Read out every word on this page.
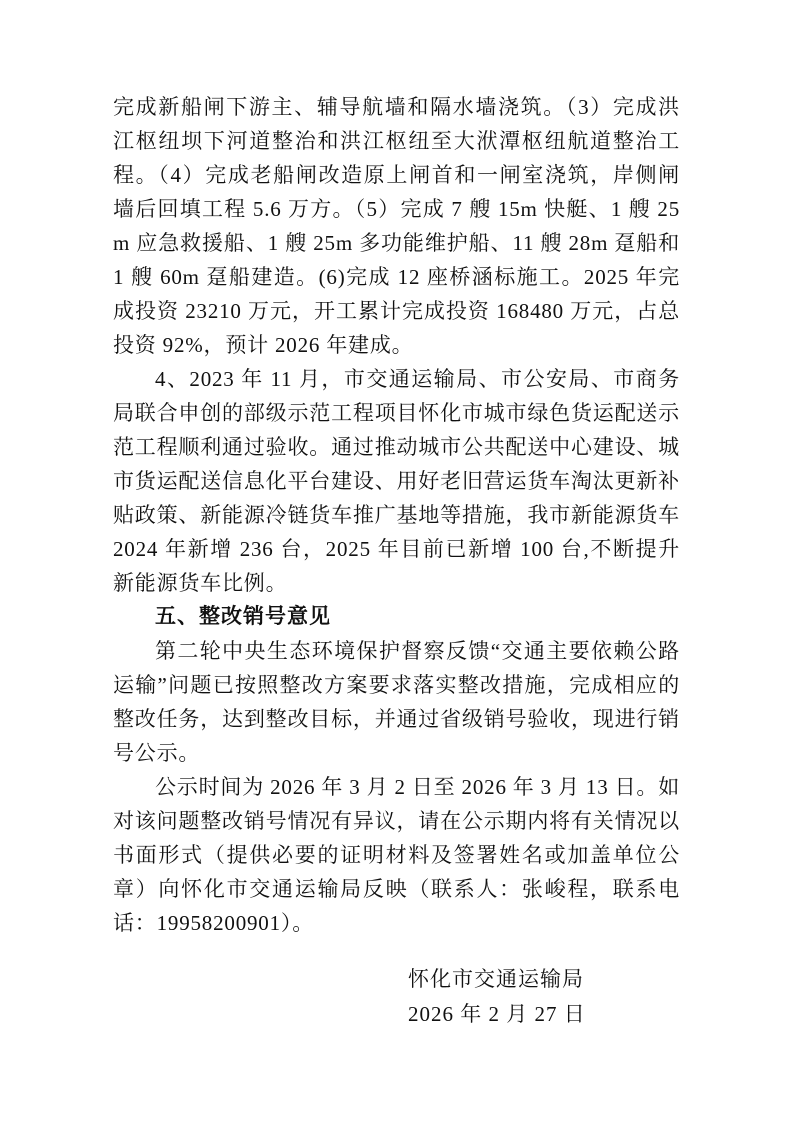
完成新船闸下游主、辅导航墙和隔水墙浇筑。（3）完成洪江枢纽坝下河道整治和洪江枢纽至大洑潭枢纽航道整治工程。（4）完成老船闸改造原上闸首和一闸室浇筑，岸侧闸墙后回填工程 5.6 万方。（5）完成 7 艘 15m 快艇、1 艘 25m 应急救援船、1 艘 25m 多功能维护船、11 艘 28m 趸船和 1 艘 60m 趸船建造。(6)完成 12 座桥涵标施工。2025 年完成投资 23210 万元，开工累计完成投资 168480 万元，占总投资 92%，预计 2026 年建成。

4、2023 年 11 月，市交通运输局、市公安局、市商务局联合申创的部级示范工程项目怀化市城市绿色货运配送示范工程顺利通过验收。通过推动城市公共配送中心建设、城市货运配送信息化平台建设、用好老旧营运货车淘汰更新补贴政策、新能源冷链货车推广基地等措施，我市新能源货车 2024 年新增 236 台，2025 年目前已新增 100 台,不断提升新能源货车比例。

五、整改销号意见

第二轮中央生态环境保护督察反馈“交通主要依赖公路运输”问题已按照整改方案要求落实整改措施，完成相应的整改任务，达到整改目标，并通过省级销号验收，现进行销号公示。

公示时间为 2026 年 3 月 2 日至 2026 年 3 月 13 日。如对该问题整改销号情况有异议，请在公示期内将有关情况以书面形式（提供必要的证明材料及签署姓名或加盖单位公章）向怀化市交通运输局反映（联系人：张峻程，联系电话：19958200901）。

怀化市交通运输局
2026 年 2 月 27 日
